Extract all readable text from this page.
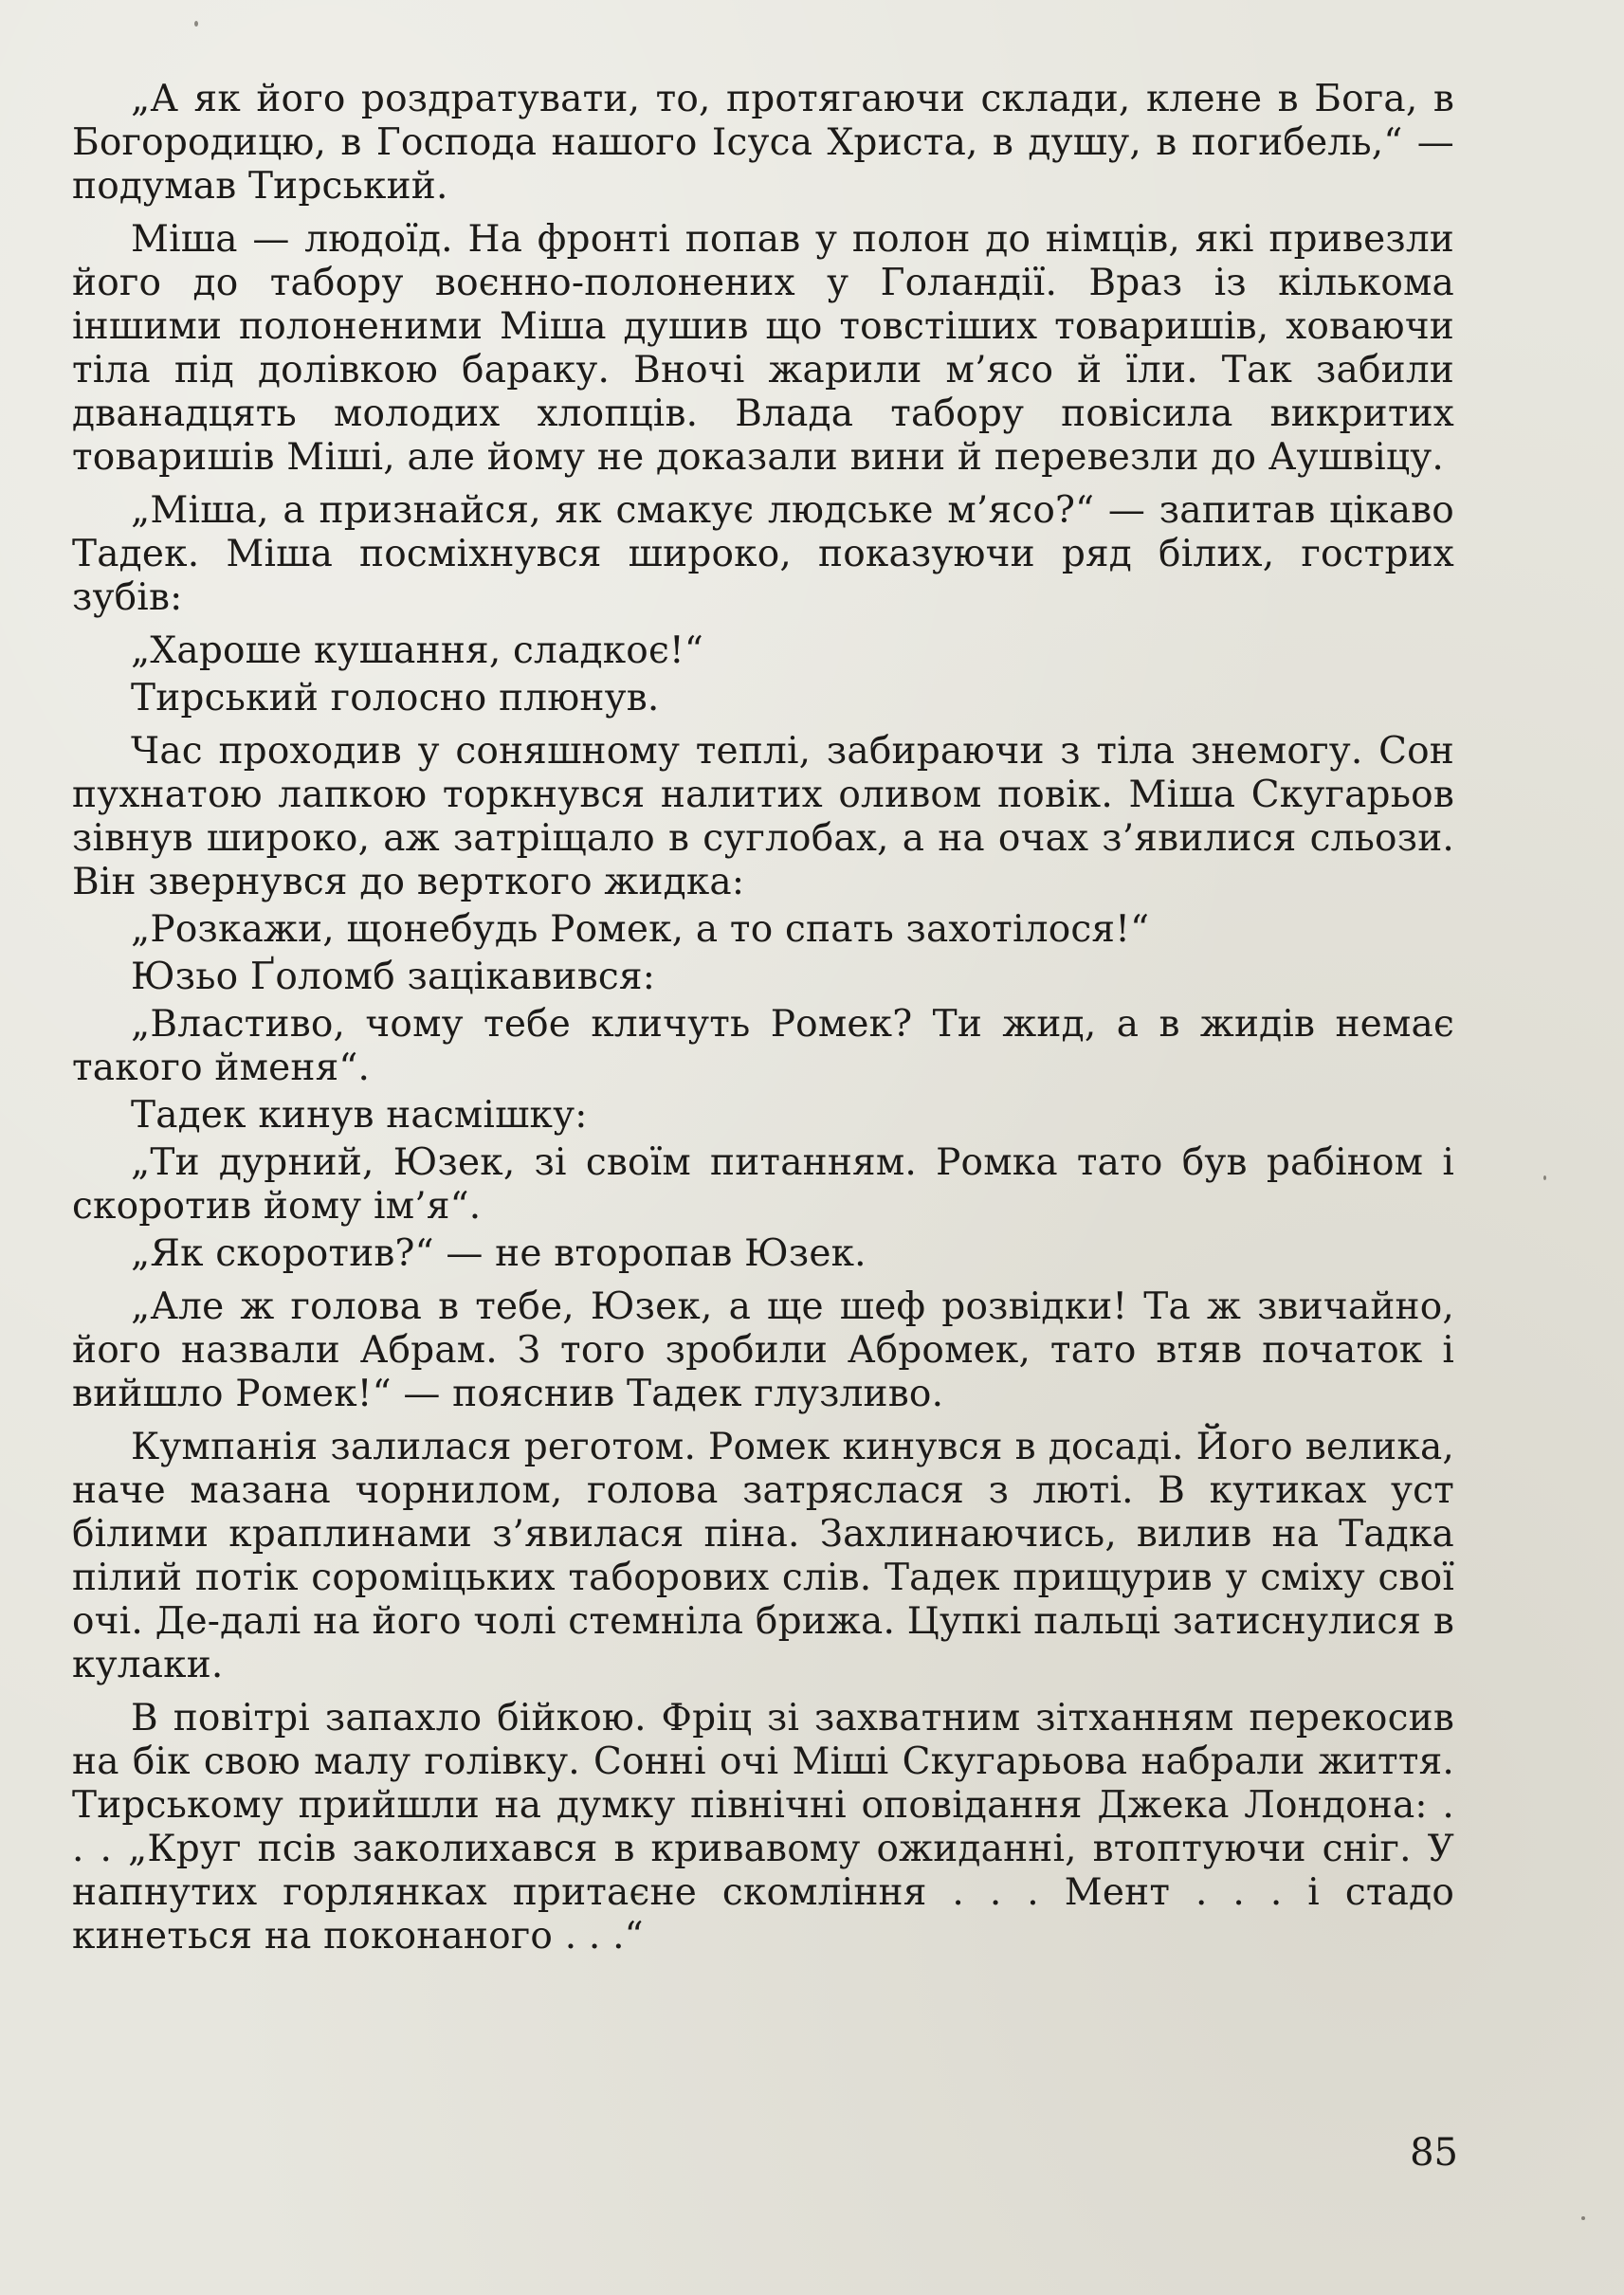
„А як його роздратувати, то, протягаючи склади, клене в Бога, в Богородицю, в Господа нашого Ісуса Христа, в душу, в погибель,“ — подумав Тирський.

Міша — людоїд. На фронті попав у полон до німців, які привезли його до табору воєнно-полонених у Голандії. Враз із кількома іншими полоненими Міша душив що товстіших товаришів, ховаючи тіла під долівкою бараку. Вночі жарили м’ясо й їли. Так забили дванадцять молодих хлопців. Влада табору повісила викритих товаришів Міші, але йому не доказали вини й перевезли до Аушвіцу.

„Міша, а признайся, як смакує людське м’ясо?“ — запитав цікаво Тадек. Міша посміхнувся широко, показуючи ряд білих, гострих зубів:

„Хароше кушання, сладкоє!“

Тирський голосно плюнув.

Час проходив у соняшному теплі, забираючи з тіла знемогу. Сон пухнатою лапкою торкнувся налитих оливом повік. Міша Скугарьов зівнув широко, аж затріщало в суглобах, а на очах з’явилися сльози. Він звернувся до верткого жидка:

„Розкажи, щонебудь Ромек, а то спать захотілося!“

Юзьо Ґоломб зацікавився:

„Властиво, чому тебе кличуть Ромек? Ти жид, а в жидів немає такого йменя“.

Тадек кинув насмішку:

„Ти дурний, Юзек, зі своїм питанням. Ромка тато був рабіном і скоротив йому ім’я“.

„Як скоротив?“ — не второпав Юзек.

„Але ж голова в тебе, Юзек, а ще шеф розвідки! Та ж звичайно, його назвали Абрам. З того зробили Абромек, тато втяв початок і вийшло Ромек!“ — пояснив Тадек глузливо.

Кумпанія залилася реготом. Ромек кинувся в досаді. Його велика, наче мазана чорнилом, голова затряслася з люті. В кутиках уст білими краплинами з’явилася піна. Захлинаючись, вилив на Тадка пілий потік сороміцьких таборових слів. Тадек прищурив у сміху свої очі. Де-далі на його чолі стемніла брижа. Цупкі пальці затиснулися в кулаки.

В повітрі запахло бійкою. Фріц зі захватним зітханням перекосив на бік свою малу голівку. Сонні очі Міші Скугарьова набрали життя. Тирському прийшли на думку північні оповідання Джека Лондона: . . . „Круг псів заколихався в кривавому ожиданні, втоптуючи сніг. У напнутих горлянках притаєне скомління . . . Мент . . . і стадо кинеться на поконаного . . .“

85
